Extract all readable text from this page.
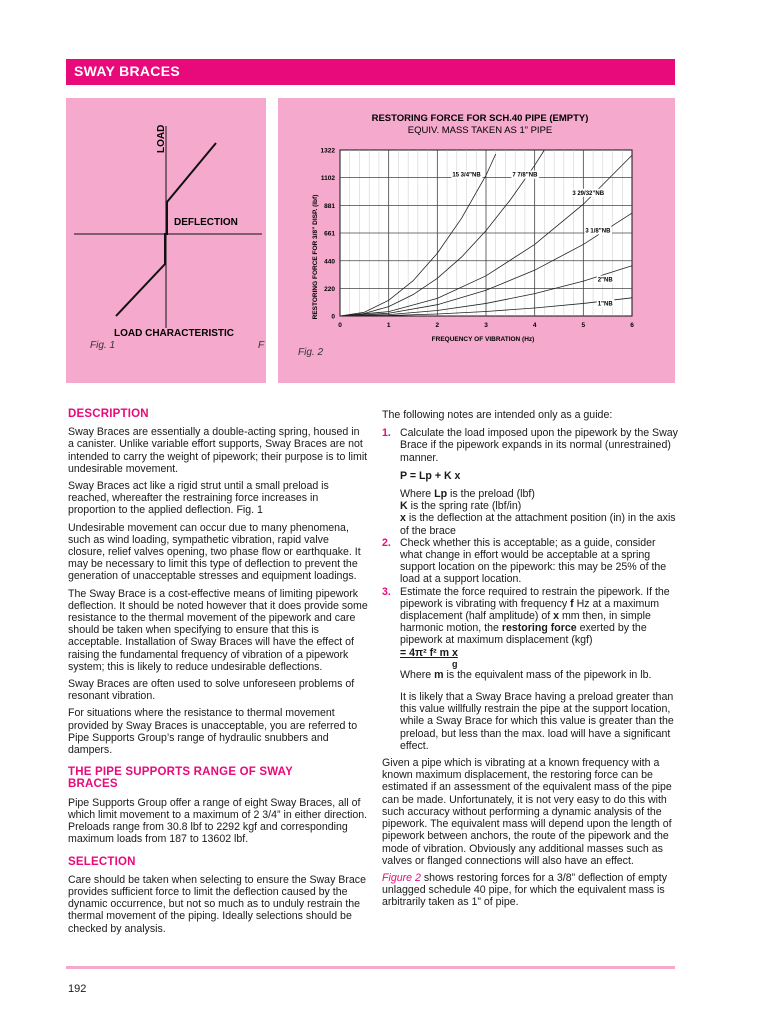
SWAY BRACES
LOAD
DEFLECTION
LOAD CHARACTERISTIC
Fig. 1	F
RESTORING FORCE FOR SCH.40 PIPE (EMPTY)
EQUIV. MASS TAKEN AS 1” PIPE
0
220
440
661
881
1102
1322
0	1	2	3	4	5	6
15 3/4”NB	7 7/8”NB
3 29/32”NB
3 1/8”NB
2”NB
1”NB
RESTORING FORCE FOR 3/8” DISP. (lbf)
FREQUENCY OF VIBRATION (Hz)
Fig. 2
DESCRIPTION

Sway Braces are essentially a double-acting spring, housed in a canister. Unlike variable effort supports, Sway Braces are not intended to carry the weight of pipework; their purpose is to limit undesirable movement.

Sway Braces act like a rigid strut until a small preload is reached, whereafter the restraining force increases in proportion to the applied deflection. Fig. 1

Undesirable movement can occur due to many phenomena, such as wind loading, sympathetic vibration, rapid valve closure, relief valves opening, two phase flow or earthquake. It may be necessary to limit this type of deflection to prevent the generation of unacceptable stresses and equipment loadings.

The Sway Brace is a cost-effective means of limiting pipework deflection. It should be noted however that it does provide some resistance to the thermal movement of the pipework and care should be taken when specifying to ensure that this is acceptable. Installation of Sway Braces will have the effect of raising the fundamental frequency of vibration of a pipework system; this is likely to reduce undesirable deflections.

Sway Braces are often used to solve unforeseen problems of resonant vibration.

For situations where the resistance to thermal movement provided by Sway Braces is unacceptable, you are referred to Pipe Supports Group’s range of hydraulic snubbers and dampers.

THE PIPE SUPPORTS RANGE OF SWAY BRACES

Pipe Supports Group offer a range of eight Sway Braces, all of which limit movement to a maximum of 2 3/4” in either direction. Preloads range from 30.8 lbf to 2292 kgf and corresponding maximum loads from 187 to 13602 lbf.

SELECTION

Care should be taken when selecting to ensure the Sway Brace provides sufficient force to limit the deflection caused by the dynamic occurrence, but not so much as to unduly restrain the thermal movement of the piping. Ideally selections should be checked by analysis.

The following notes are intended only as a guide:

1. Calculate the load imposed upon the pipework by the Sway Brace if the pipework expands in its normal (unrestrained) manner.
P = Lp + K x
Where Lp is the preload (lbf)
K is the spring rate (lbf/in)
x is the deflection at the attachment position (in) in the axis of the brace
2. Check whether this is acceptable; as a guide, consider what change in effort would be acceptable at a spring support location on the pipework: this may be 25% of the load at a support location.
3. Estimate the force required to restrain the pipework. If the pipework is vibrating with frequency f Hz at a maximum displacement (half amplitude) of x mm then, in simple harmonic motion, the restoring force exerted by the pipework at maximum displacement (kgf)
= 4π² f² m x
g
Where m is the equivalent mass of the pipework in lb.

It is likely that a Sway Brace having a preload greater than this value willfully restrain the pipe at the support location, while a Sway Brace for which this value is greater than the preload, but less than the max. load will have a significant effect.

Given a pipe which is vibrating at a known frequency with a known maximum displacement, the restoring force can be estimated if an assessment of the equivalent mass of the pipe can be made. Unfortunately, it is not very easy to do this with such accuracy without performing a dynamic analysis of the pipework. The equivalent mass will depend upon the length of pipework between anchors, the route of the pipework and the mode of vibration. Obviously any additional masses such as valves or flanged connections will also have an effect.

Figure 2 shows restoring forces for a 3/8” deflection of empty unlagged schedule 40 pipe, for which the equivalent mass is arbitrarily taken as 1” of pipe.

192
